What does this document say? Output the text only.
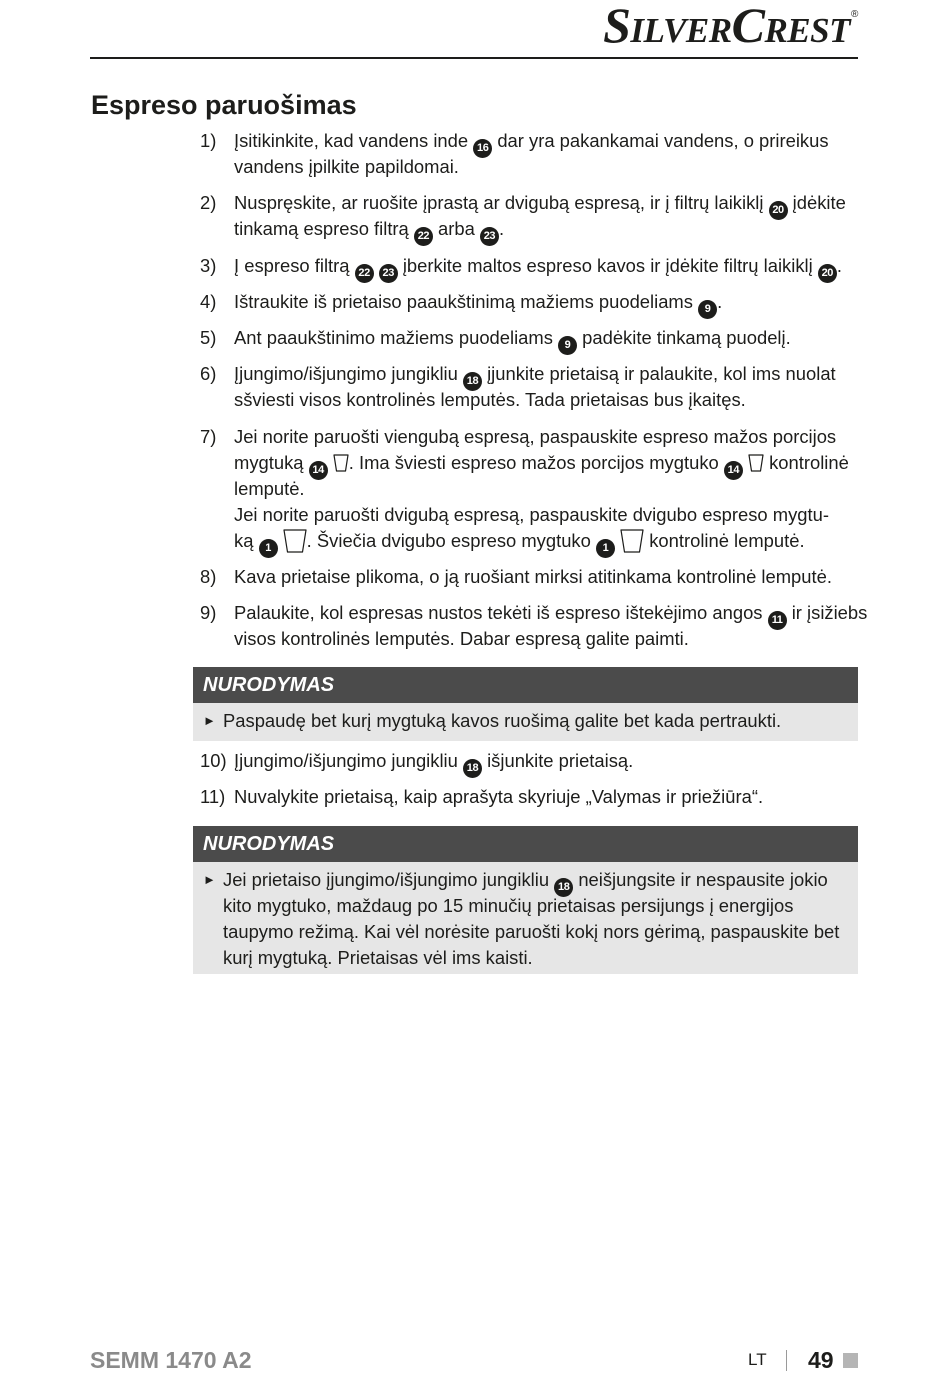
SilverCrest ®
Espreso paruošimas
1) Įsitikinkite, kad vandens inde 16 dar yra pakankamai vandens, o prireikus
vandens įpilkite papildomai.
2) Nuspręskite, ar ruošite įprastą ar dvigubą espresą, ir į filtrų laikiklį 20 įdėkite
tinkamą espreso filtrą 22 arba 23 .
3) Į espreso filtrą 22 23 įberkite maltos espreso kavos ir įdėkite filtrų laikiklį 20 .
4) Ištraukite iš prietaiso paaukštinimą mažiems puodeliams 9 .
5) Ant paaukštinimo mažiems puodeliams 9 padėkite tinkamą puodelį.
6) Įjungimo/išjungimo jungikliu 18 įjunkite prietaisą ir palaukite, kol ims nuolat
sšviesti visos kontrolinės lemputės. Tada prietaisas bus įkaitęs.
7) Jei norite paruošti viengubą espresą, paspauskite espreso mažos porcijos
mygtuką 14 . Ima šviesti espreso mažos porcijos mygtuko 14  kontrolinė
lemputė.
Jei norite paruošti dvigubą espresą, paspauskite dvigubo espreso mygtu-
ką 1 . Šviečia dvigubo espreso mygtuko 1  kontrolinė lemputė.
8) Kava prietaise plikoma, o ją ruošiant mirksi atitinkama kontrolinė lemputė.
9) Palaukite, kol espresas nustos tekėti iš espreso ištekėjimo angos 11 ir įsižiebs
visos kontrolinės lemputės. Dabar espresą galite paimti.
NURODYMAS
► Paspaudę bet kurį mygtuką kavos ruošimą galite bet kada pertraukti.
10) Įjungimo/išjungimo jungikliu 18 išjunkite prietaisą.
11) Nuvalykite prietaisą, kaip aprašyta skyriuje „Valymas ir priežiūra“.
NURODYMAS
► Jei prietaiso įjungimo/išjungimo jungikliu 18 neišjungsite ir nespausite jokio
kito mygtuko, maždaug po 15 minučių prietaisas persijungs į energijos
taupymo režimą. Kai vėl norėsite paruošti kokį nors gėrimą, paspauskite bet
kurį mygtuką. Prietaisas vėl ims kaisti.
SEMM 1470 A2	LT 49
